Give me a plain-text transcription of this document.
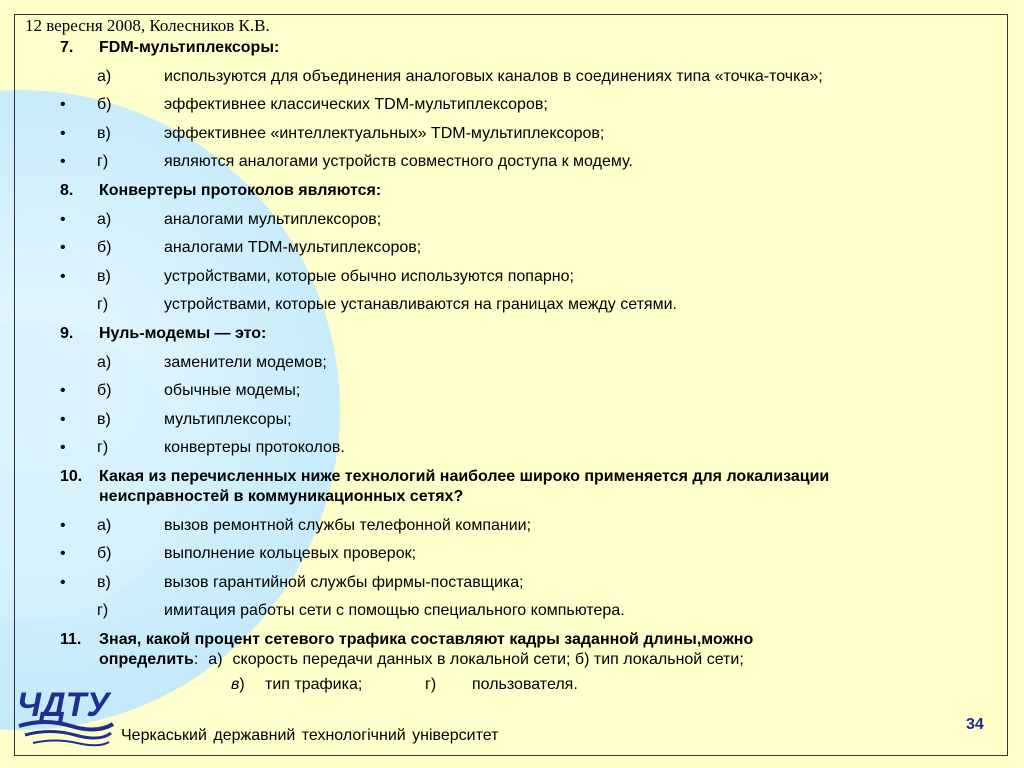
12 вересня 2008, Колесников К.В.
7. FDM-мультиплексоры:
а)	используются для объединения аналоговых каналов в соединениях типа «точка-точка»;
• б)	эффективнее классических TDM-мультиплексоров;
• в)	эффективнее «интеллектуальных» TDM-мультиплексоров;
• г)	являются аналогами устройств совместного доступа к модему.
8. Конвертеры протоколов являются:
• а)	аналогами мультиплексоров;
• б)	аналогами TDM-мультиплексоров;
• в)	устройствами, которые обычно используются попарно;
г)	устройствами, которые устанавливаются на границах между сетями.
9. Нуль-модемы — это:
а)	заменители модемов;
• б)	обычные модемы;
• в)	мультиплексоры;
• г)	конвертеры протоколов.
10. Какая из перечисленных ниже технологий наиболее широко применяется для локализации
неисправностей в коммуникационных сетях?
• а)	вызов ремонтной службы телефонной компании;
• б)	выполнение кольцевых проверок;
• в)	вызов гарантийной службы фирмы-поставщика;
г)	имитация работы сети с помощью специального компьютера.
11. Зная, какой процент сетевого трафика составляют кадры заданной длины,можно
определить: а) скорость передачи данных в локальной сети; б) тип локальной сети;
в ) тип трафика;	г) пользователя.
ЧДТУ
Черкаський державний технологічний університет
34
